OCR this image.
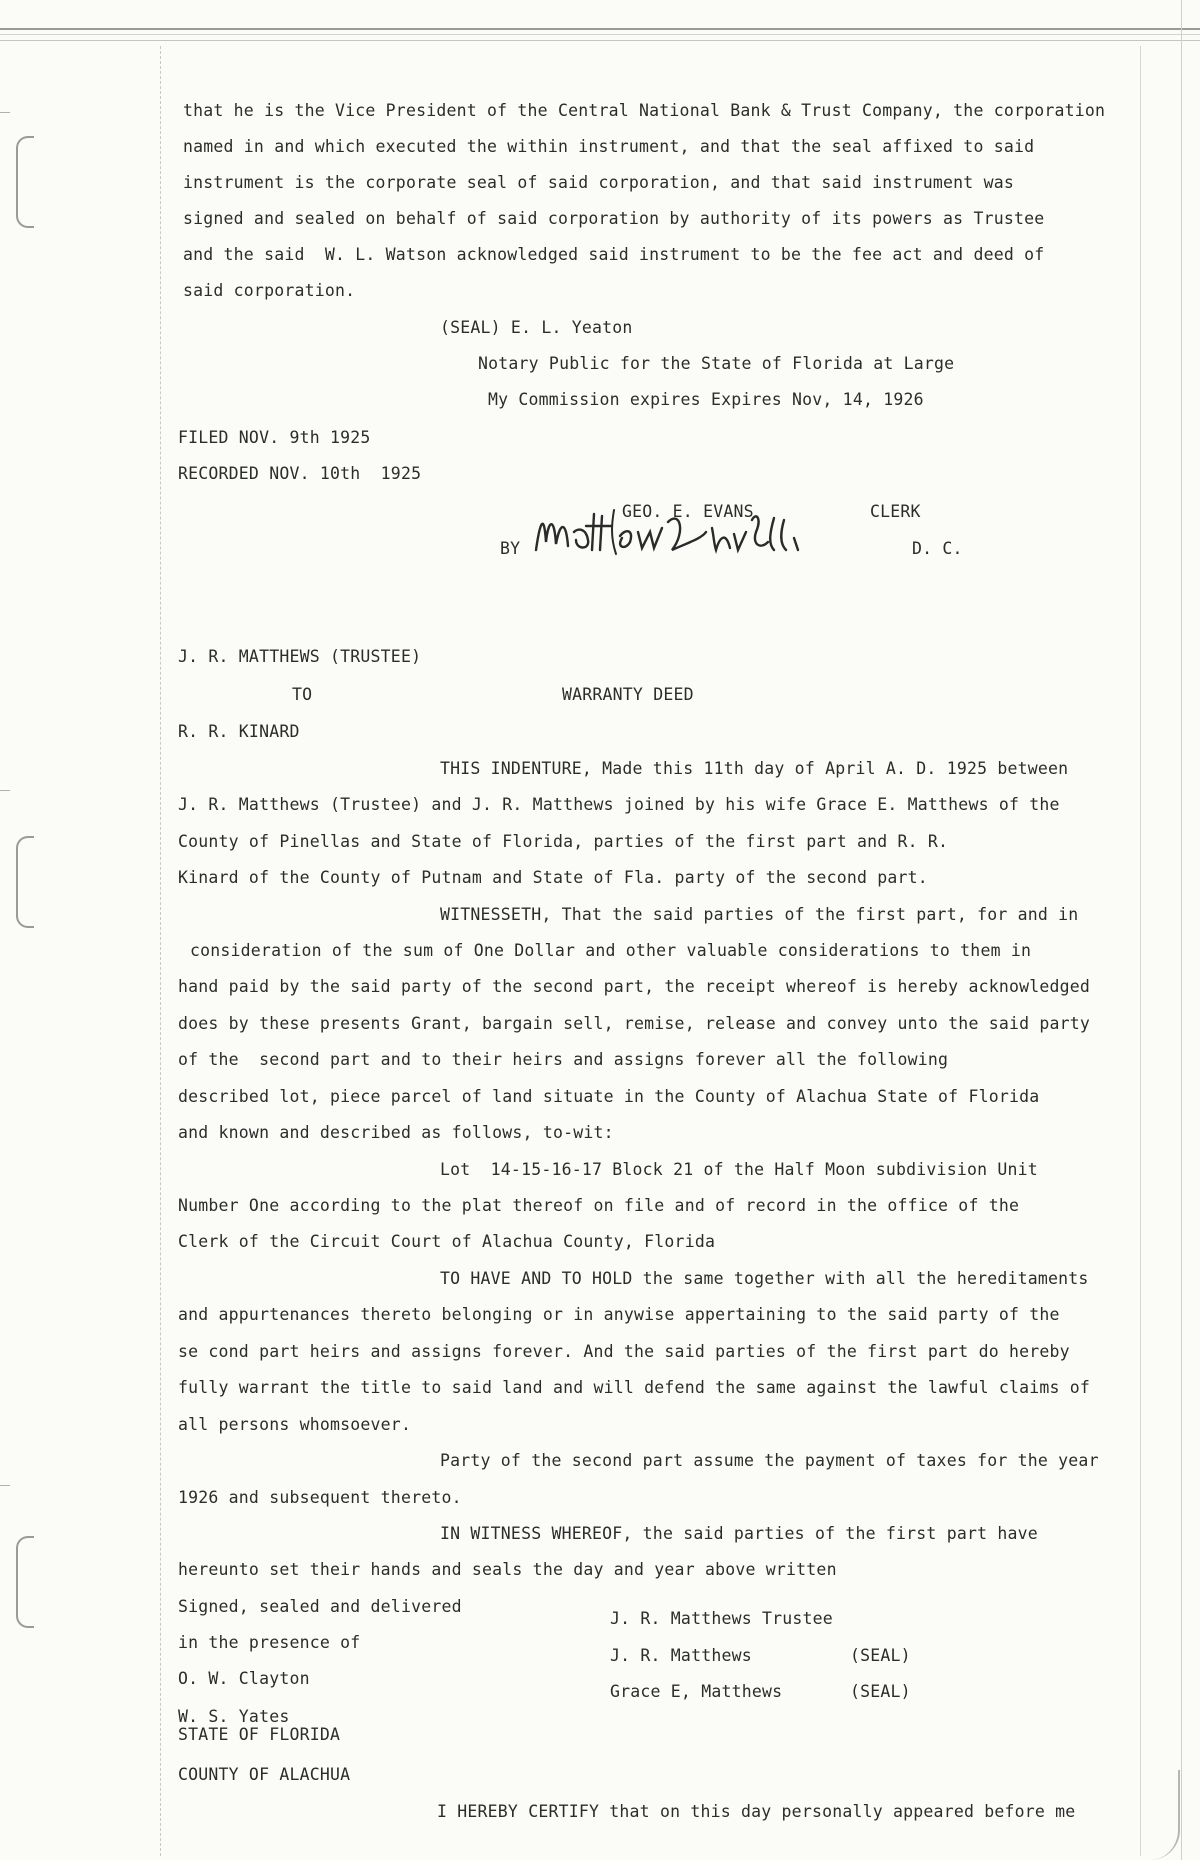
that he is the Vice President of the Central National Bank & Trust Company, the corporation
named in and which executed the within instrument, and that the seal affixed to said
instrument is the corporate seal of said corporation, and that said instrument was
signed and sealed on behalf of said corporation by authority of its powers as Trustee
and the said  W. L. Watson acknowledged said instrument to be the fee act and deed of
said corporation.
(SEAL) E. L. Yeaton
Notary Public for the State of Florida at Large
My Commission expires Expires Nov, 14, 1926
FILED NOV. 9th 1925
RECORDED NOV. 10th  1925
GEO. E. EVANS	CLERK
BY	D. C.
J. R. MATTHEWS (TRUSTEE)
TO	WARRANTY DEED
R. R. KINARD
THIS INDENTURE, Made this 11th day of April A. D. 1925 between
J. R. Matthews (Trustee) and J. R. Matthews joined by his wife Grace E. Matthews of the
County of Pinellas and State of Florida, parties of the first part and R. R.
Kinard of the County of Putnam and State of Fla. party of the second part.
WITNESSETH, That the said parties of the first part, for and in
consideration of the sum of One Dollar and other valuable considerations to them in
hand paid by the said party of the second part, the receipt whereof is hereby acknowledged
does by these presents Grant, bargain sell, remise, release and convey unto the said party
of the  second part and to their heirs and assigns forever all the following
described lot, piece parcel of land situate in the County of Alachua State of Florida
and known and described as follows, to-wit:
Lot  14-15-16-17 Block 21 of the Half Moon subdivision Unit
Number One according to the plat thereof on file and of record in the office of the
Clerk of the Circuit Court of Alachua County, Florida
TO HAVE AND TO HOLD the same together with all the hereditaments
and appurtenances thereto belonging or in anywise appertaining to the said party of the
se cond part heirs and assigns forever. And the said parties of the first part do hereby
fully warrant the title to said land and will defend the same against the lawful claims of
all persons whomsoever.
Party of the second part assume the payment of taxes for the year
1926 and subsequent thereto.
IN WITNESS WHEREOF, the said parties of the first part have
hereunto set their hands and seals the day and year above written
Signed, sealed and delivered
in the presence of
O. W. Clayton
W. S. Yates
J. R. Matthews Trustee
J. R. Matthews	(SEAL)
Grace E, Matthews	(SEAL)
STATE OF FLORIDA
COUNTY OF ALACHUA
I HEREBY CERTIFY that on this day personally appeared before me
